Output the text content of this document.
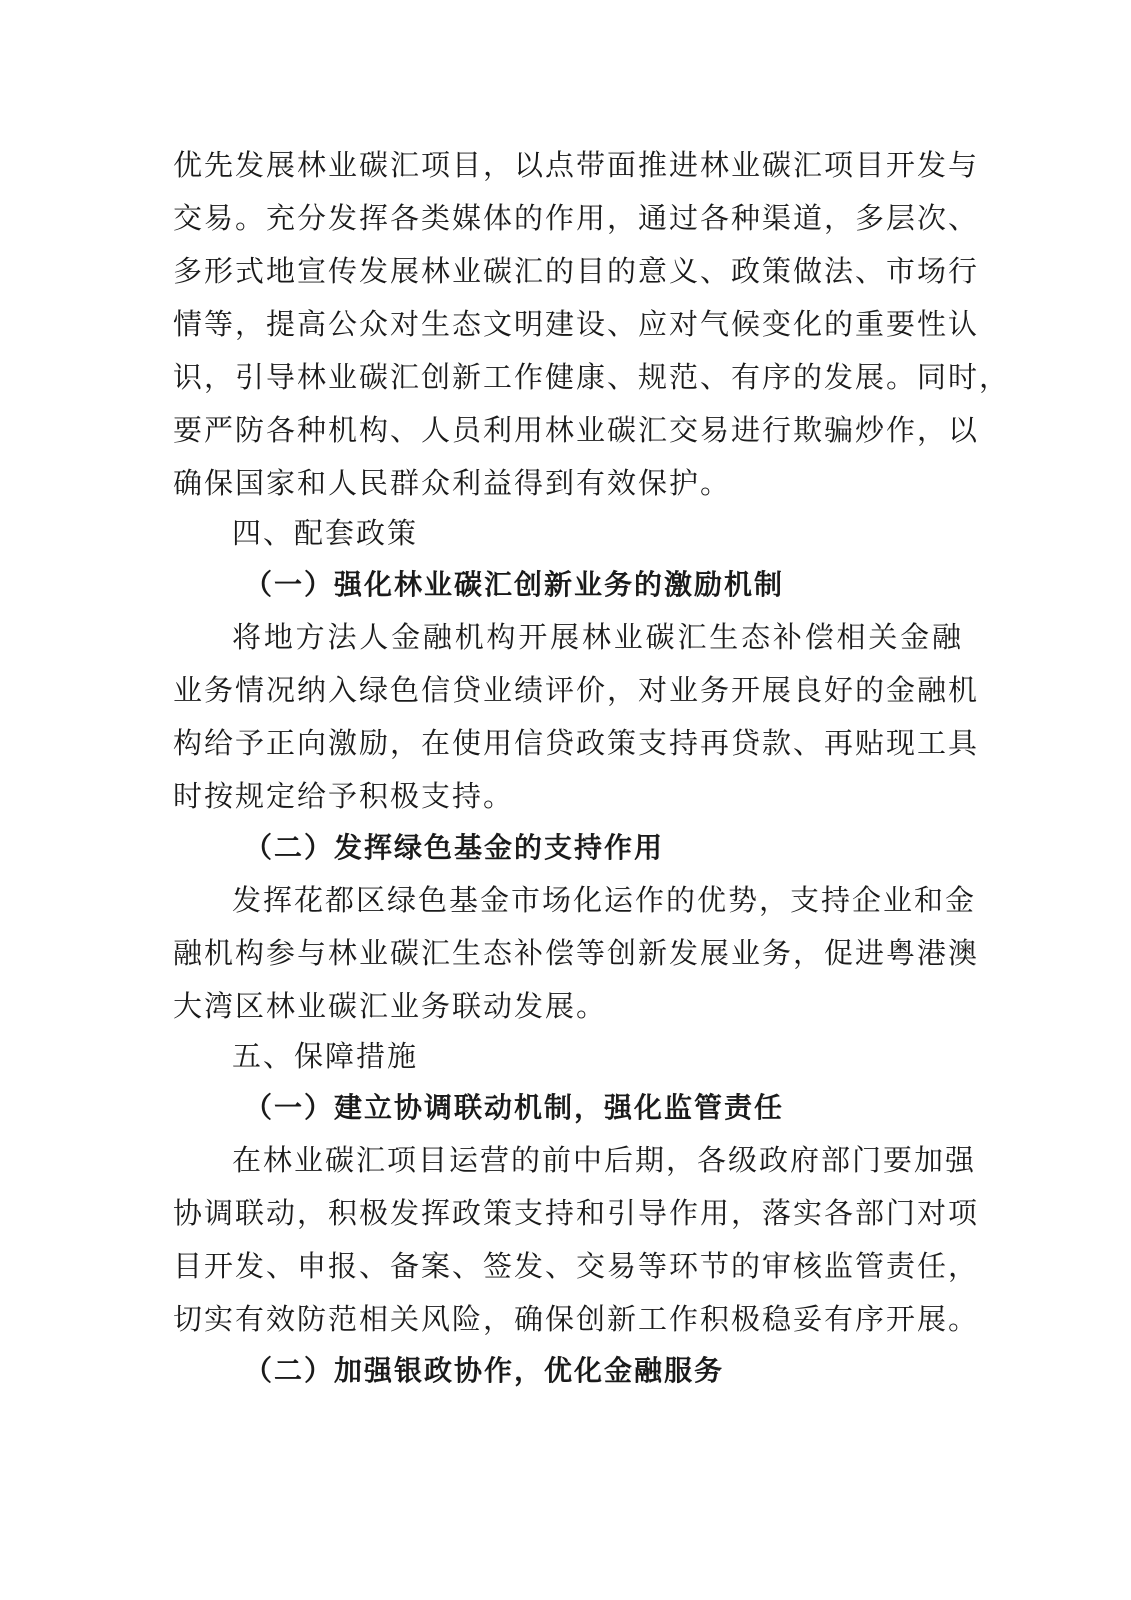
优先发展林业碳汇项目，以点带面推进林业碳汇项目开发与

交易。充分发挥各类媒体的作用，通过各种渠道，多层次、

多形式地宣传发展林业碳汇的目的意义、政策做法、市场行

情等，提高公众对生态文明建设、应对气候变化的重要性认

识，引导林业碳汇创新工作健康、规范、有序的发展。同时，

要严防各种机构、人员利用林业碳汇交易进行欺骗炒作，以

确保国家和人民群众利益得到有效保护。

四、配套政策

（一）强化林业碳汇创新业务的激励机制

将地方法人金融机构开展林业碳汇生态补偿相关金融

业务情况纳入绿色信贷业绩评价，对业务开展良好的金融机

构给予正向激励，在使用信贷政策支持再贷款、再贴现工具

时按规定给予积极支持。

（二）发挥绿色基金的支持作用

发挥花都区绿色基金市场化运作的优势，支持企业和金

融机构参与林业碳汇生态补偿等创新发展业务，促进粤港澳

大湾区林业碳汇业务联动发展。

五、保障措施

（一）建立协调联动机制，强化监管责任

在林业碳汇项目运营的前中后期，各级政府部门要加强

协调联动，积极发挥政策支持和引导作用，落实各部门对项

目开发、申报、备案、签发、交易等环节的审核监管责任，

切实有效防范相关风险，确保创新工作积极稳妥有序开展。

（二）加强银政协作，优化金融服务
